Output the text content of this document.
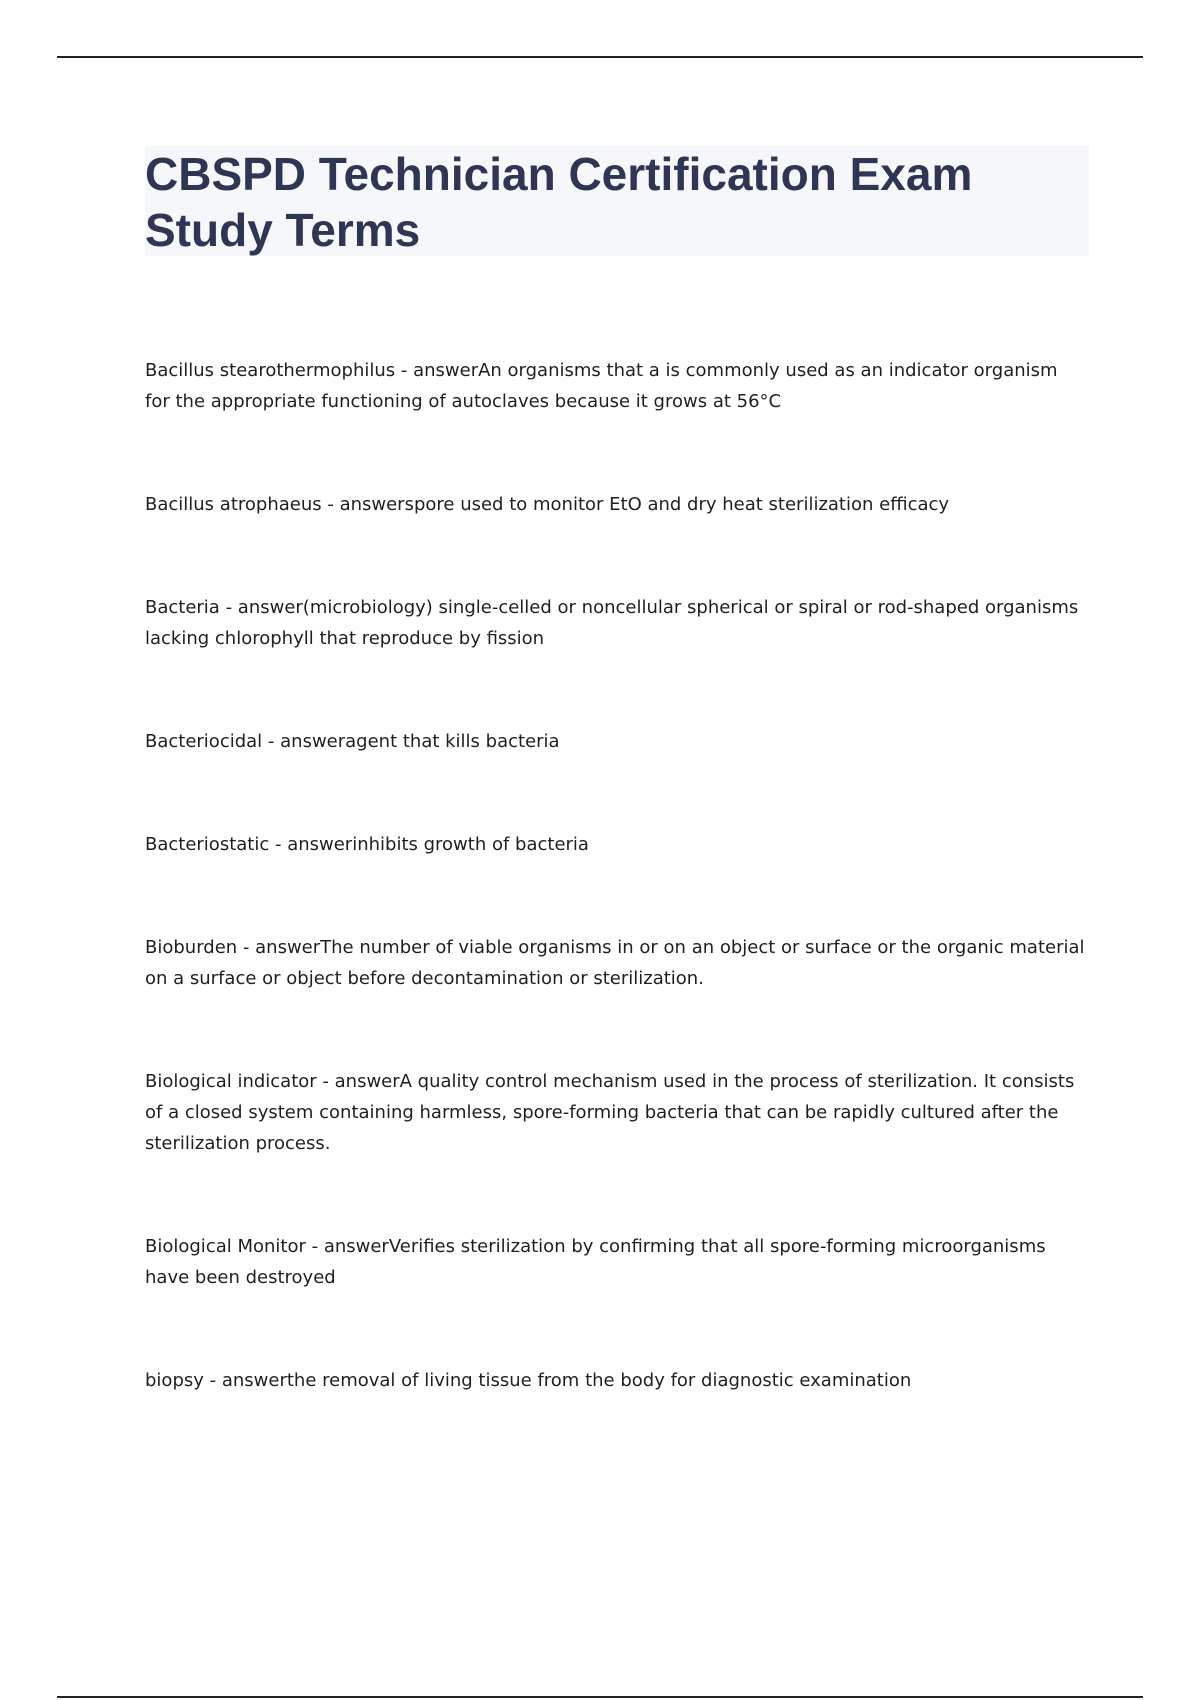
CBSPD Technician Certification Exam Study Terms

Bacillus stearothermophilus - answerAn organisms that a is commonly used as an indicator organism for the appropriate functioning of autoclaves because it grows at 56°C

Bacillus atrophaeus - answerspore used to monitor EtO and dry heat sterilization efficacy

Bacteria - answer(microbiology) single-celled or noncellular spherical or spiral or rod-shaped organisms lacking chlorophyll that reproduce by fission

Bacteriocidal - answeragent that kills bacteria

Bacteriostatic - answerinhibits growth of bacteria

Bioburden - answerThe number of viable organisms in or on an object or surface or the organic material on a surface or object before decontamination or sterilization.

Biological indicator - answerA quality control mechanism used in the process of sterilization. It consists of a closed system containing harmless, spore-forming bacteria that can be rapidly cultured after the sterilization process.

Biological Monitor - answerVerifies sterilization by confirming that all spore-forming microorganisms have been destroyed

biopsy - answerthe removal of living tissue from the body for diagnostic examination
